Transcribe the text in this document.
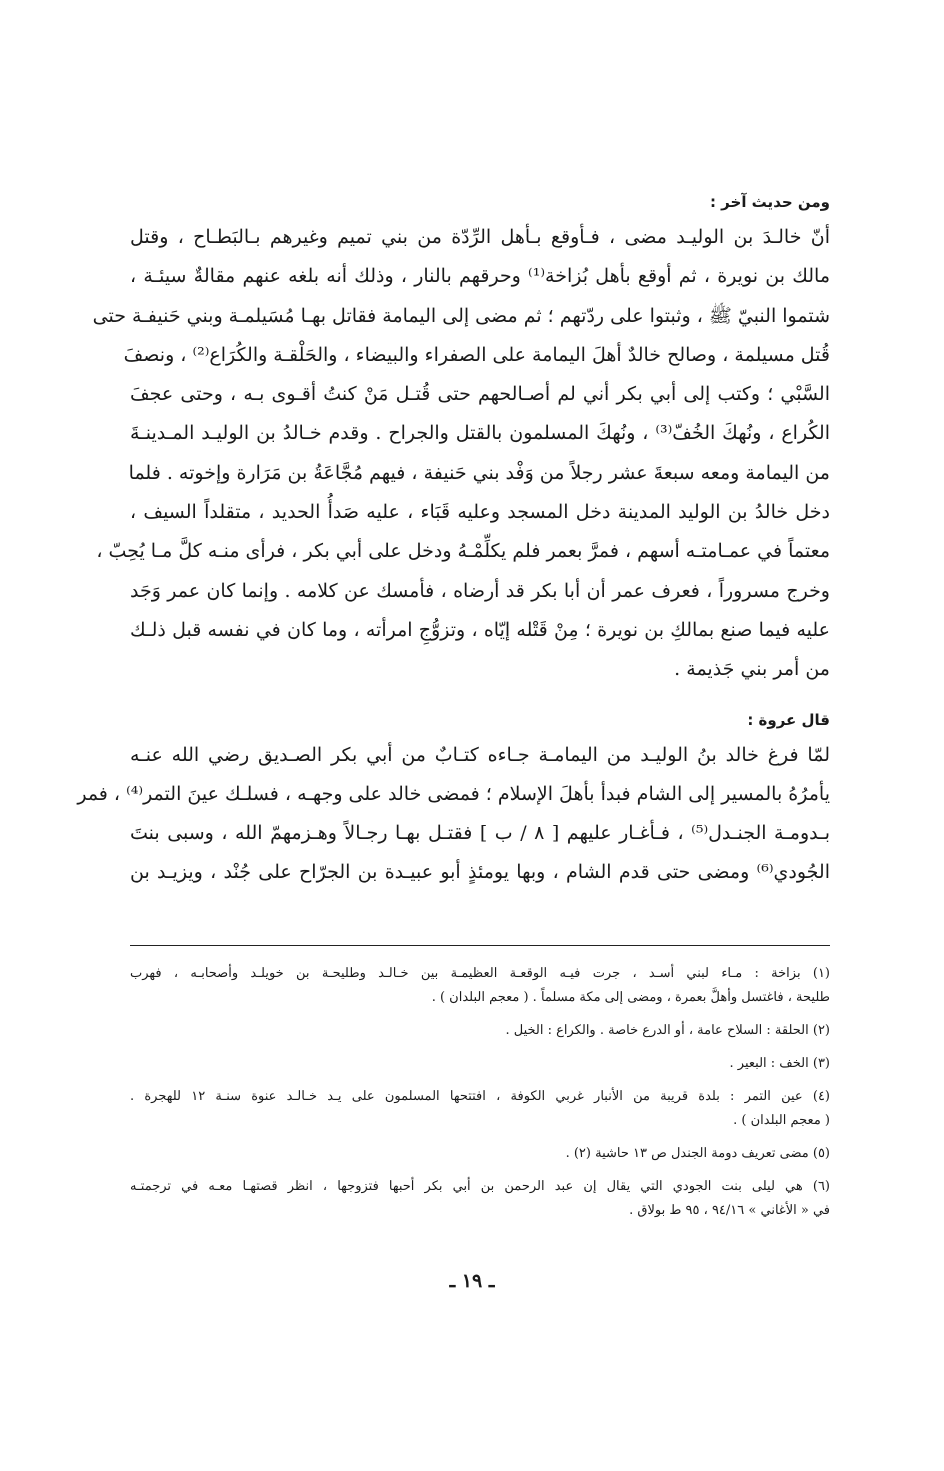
ومن حديث آخر :

أنّ خالـدَ بن الوليـد مضى ، فـأوقع بـأهل الرِّدّة من بني تميم وغيرهم بـالبَطـاح ، وقتل
مالك بن نويرة ، ثم أوقع بأهل بُزاخة⁽¹⁾ وحرقهم بالنار ، وذلك أنه بلغه عنهم مقالةٌ سيئـة ،
شتموا النبيّ ﷺ ، وثبتوا على ردّتهم ؛ ثم مضى إلى اليمامة فقاتل بهـا مُسَيلمـة وبني حَنيفـة حتى
قُتل مسيلمة ، وصالح خالدٌ أهلَ اليمامة على الصفراء والبيضاء ، والحَلْقـة والكُرَاع⁽²⁾ ، ونصفَ
السَّبْي ؛ وكتب إلى أبي بكر أني لم أصـالحهم حتى قُتـل مَنْ كنتُ أقـوى بـه ، وحتى عجفَ
الكُراع ، ونُهكَ الخُفّ⁽³⁾ ، ونُهكَ المسلمون بالقتل والجراح . وقدم خـالدُ بن الوليـد المـدينـةَ
من اليمامة ومعه سبعةَ عشر رجلاً من وَفْد بني حَنيفة ، فيهم مُجَّاعَةُ بن مَرَارة وإخوته . فلما
دخل خالدُ بن الوليد المدينة دخل المسجد وعليه قَبَاء ، عليه صَدأُ الحديد ، متقلداً السيف ،
معتماً في عمـامتـه أسهم ، فمرَّ بعمر فلم يكلِّمْـهُ ودخل على أبي بكر ، فرأى منـه كلَّ مـا يُحِبّ ،
وخرج مسروراً ، فعرف عمر أن أبا بكر قد أرضاه ، فأمسك عن كلامه . وإنما كان عمر وَجَد
عليه فيما صنع بمالكِ بن نويرة ؛ مِنْ قَتْله إيّاه ، وتزوُّجِ امرأته ، وما كان في نفسه قبل ذلـك
من أمر بني جَذيمة .

قال عروة :

لمّا فرغ خالد بنُ الوليـد من اليمامـة جـاءه كتـابٌ من أبي بكر الصـديق رضي الله عنـه
يأمرُهُ بالمسير إلى الشام فبدأ بأهلَ الإسلام ؛ فمضى خالد على وجهـه ، فسلـك عينَ التمر⁽⁴⁾ ، فمر
بـدومـة الجنـدل⁽⁵⁾ ، فـأغـار عليهم [ ٨ / ب ] فقتـل بهـا رجـالاً وهـزمهمّ الله ، وسبى بنتَ
الجُودي⁽⁶⁾ ومضى حتى قدم الشام ، وبها يومئذٍ أبو عبيـدة بن الجرّاح على جُنْد ، ويزيـد بن

(١) بزاخة : مـاء لبني أسـد ، جرت فيـه الوقعـة العظيمـة بين خـالـد وطليحـة بن خويلـد وأصحابـه ، فهرب
طليحة ، فاغتسل وأهلَّ بعمرة ، ومضى إلى مكة مسلماً . ( معجم البلدان ) .
(٢) الحلقة : السلاح عامة ، أو الدرع خاصة . والكراع : الخيل .
(٣) الخف : البعير .
(٤) عين التمر : بلدة قريبة من الأنبار غربي الكوفة ، افتتحها المسلمون على يـد خـالـد عنوة سنـة ١٢ للهجرة .
( معجم البلدان ) .
(٥) مضى تعريف دومة الجندل ص ١٣ حاشية (٢) .
(٦) هي ليلى بنت الجودي التي يقال إن عبد الرحمن بن أبي بكر أحبها فتزوجها ، انظر قصتهـا معـه في ترجمتـه
في « الأغاني » ٩٤/١٦ ، ٩٥ ط بولاق .
ـ ١٩ ـ
